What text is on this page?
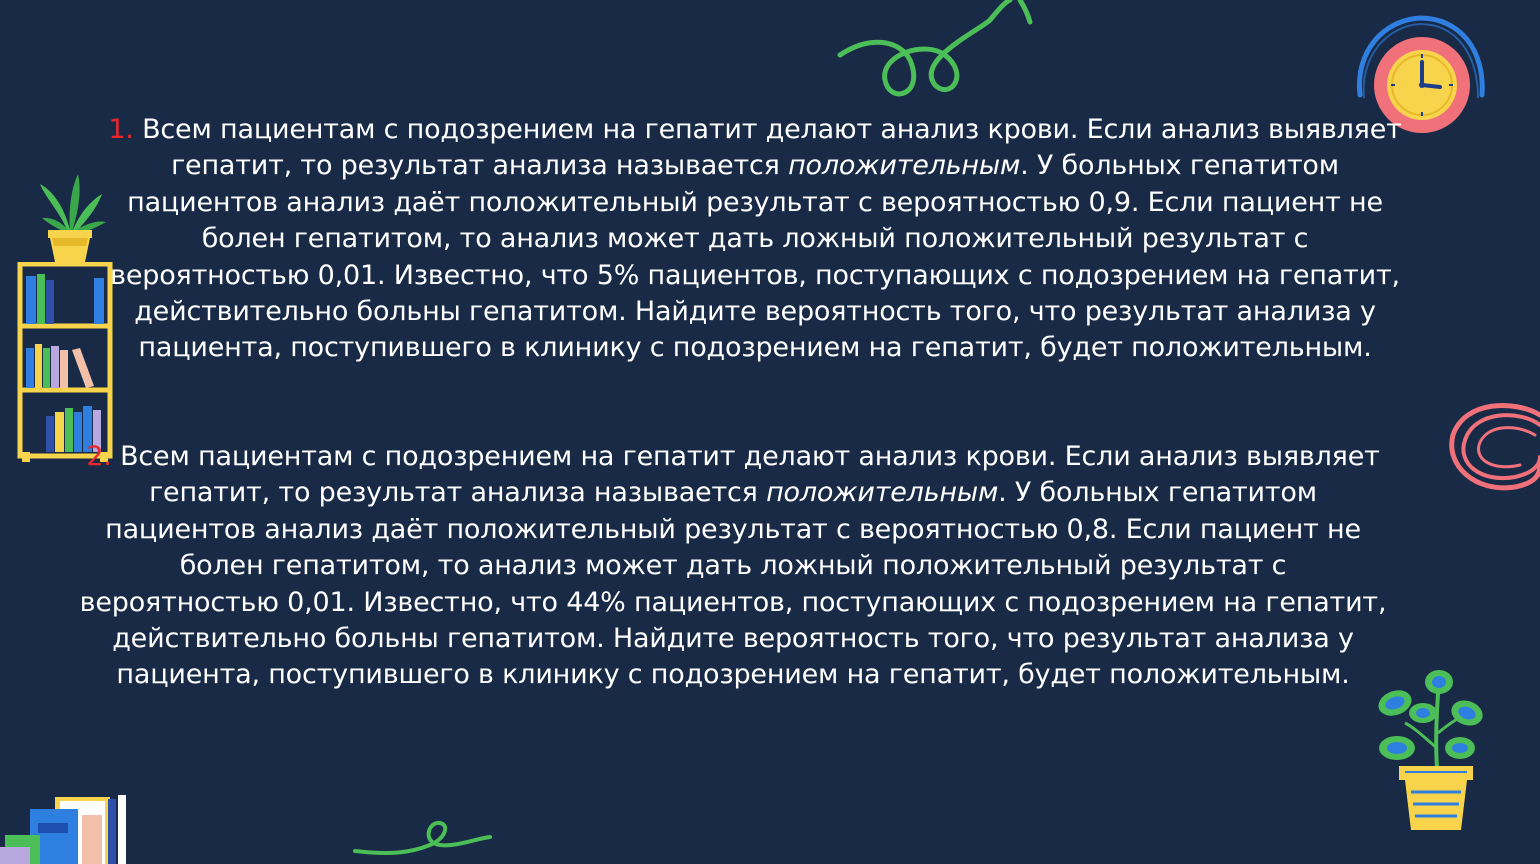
1. Всем пациентам с подозрением на гепатит делают анализ крови. Если анализ выявляет гепатит, то результат анализа называется положительным. У больных гепатитом пациентов анализ даёт положительный результат с вероятностью 0,9. Если пациент не болен гепатитом, то анализ может дать ложный положительный результат с вероятностью 0,01. Известно, что 5% пациентов, поступающих с подозрением на гепатит, действительно больны гепатитом. Найдите вероятность того, что результат анализа у пациента, поступившего в клинику с подозрением на гепатит, будет положительным.
2. Всем пациентам с подозрением на гепатит делают анализ крови. Если анализ выявляет гепатит, то результат анализа называется положительным. У больных гепатитом пациентов анализ даёт положительный результат с вероятностью 0,8. Если пациент не болен гепатитом, то анализ может дать ложный положительный результат с вероятностью 0,01. Известно, что 44% пациентов, поступающих с подозрением на гепатит, действительно больны гепатитом. Найдите вероятность того, что результат анализа у пациента, поступившего в клинику с подозрением на гепатит, будет положительным.
